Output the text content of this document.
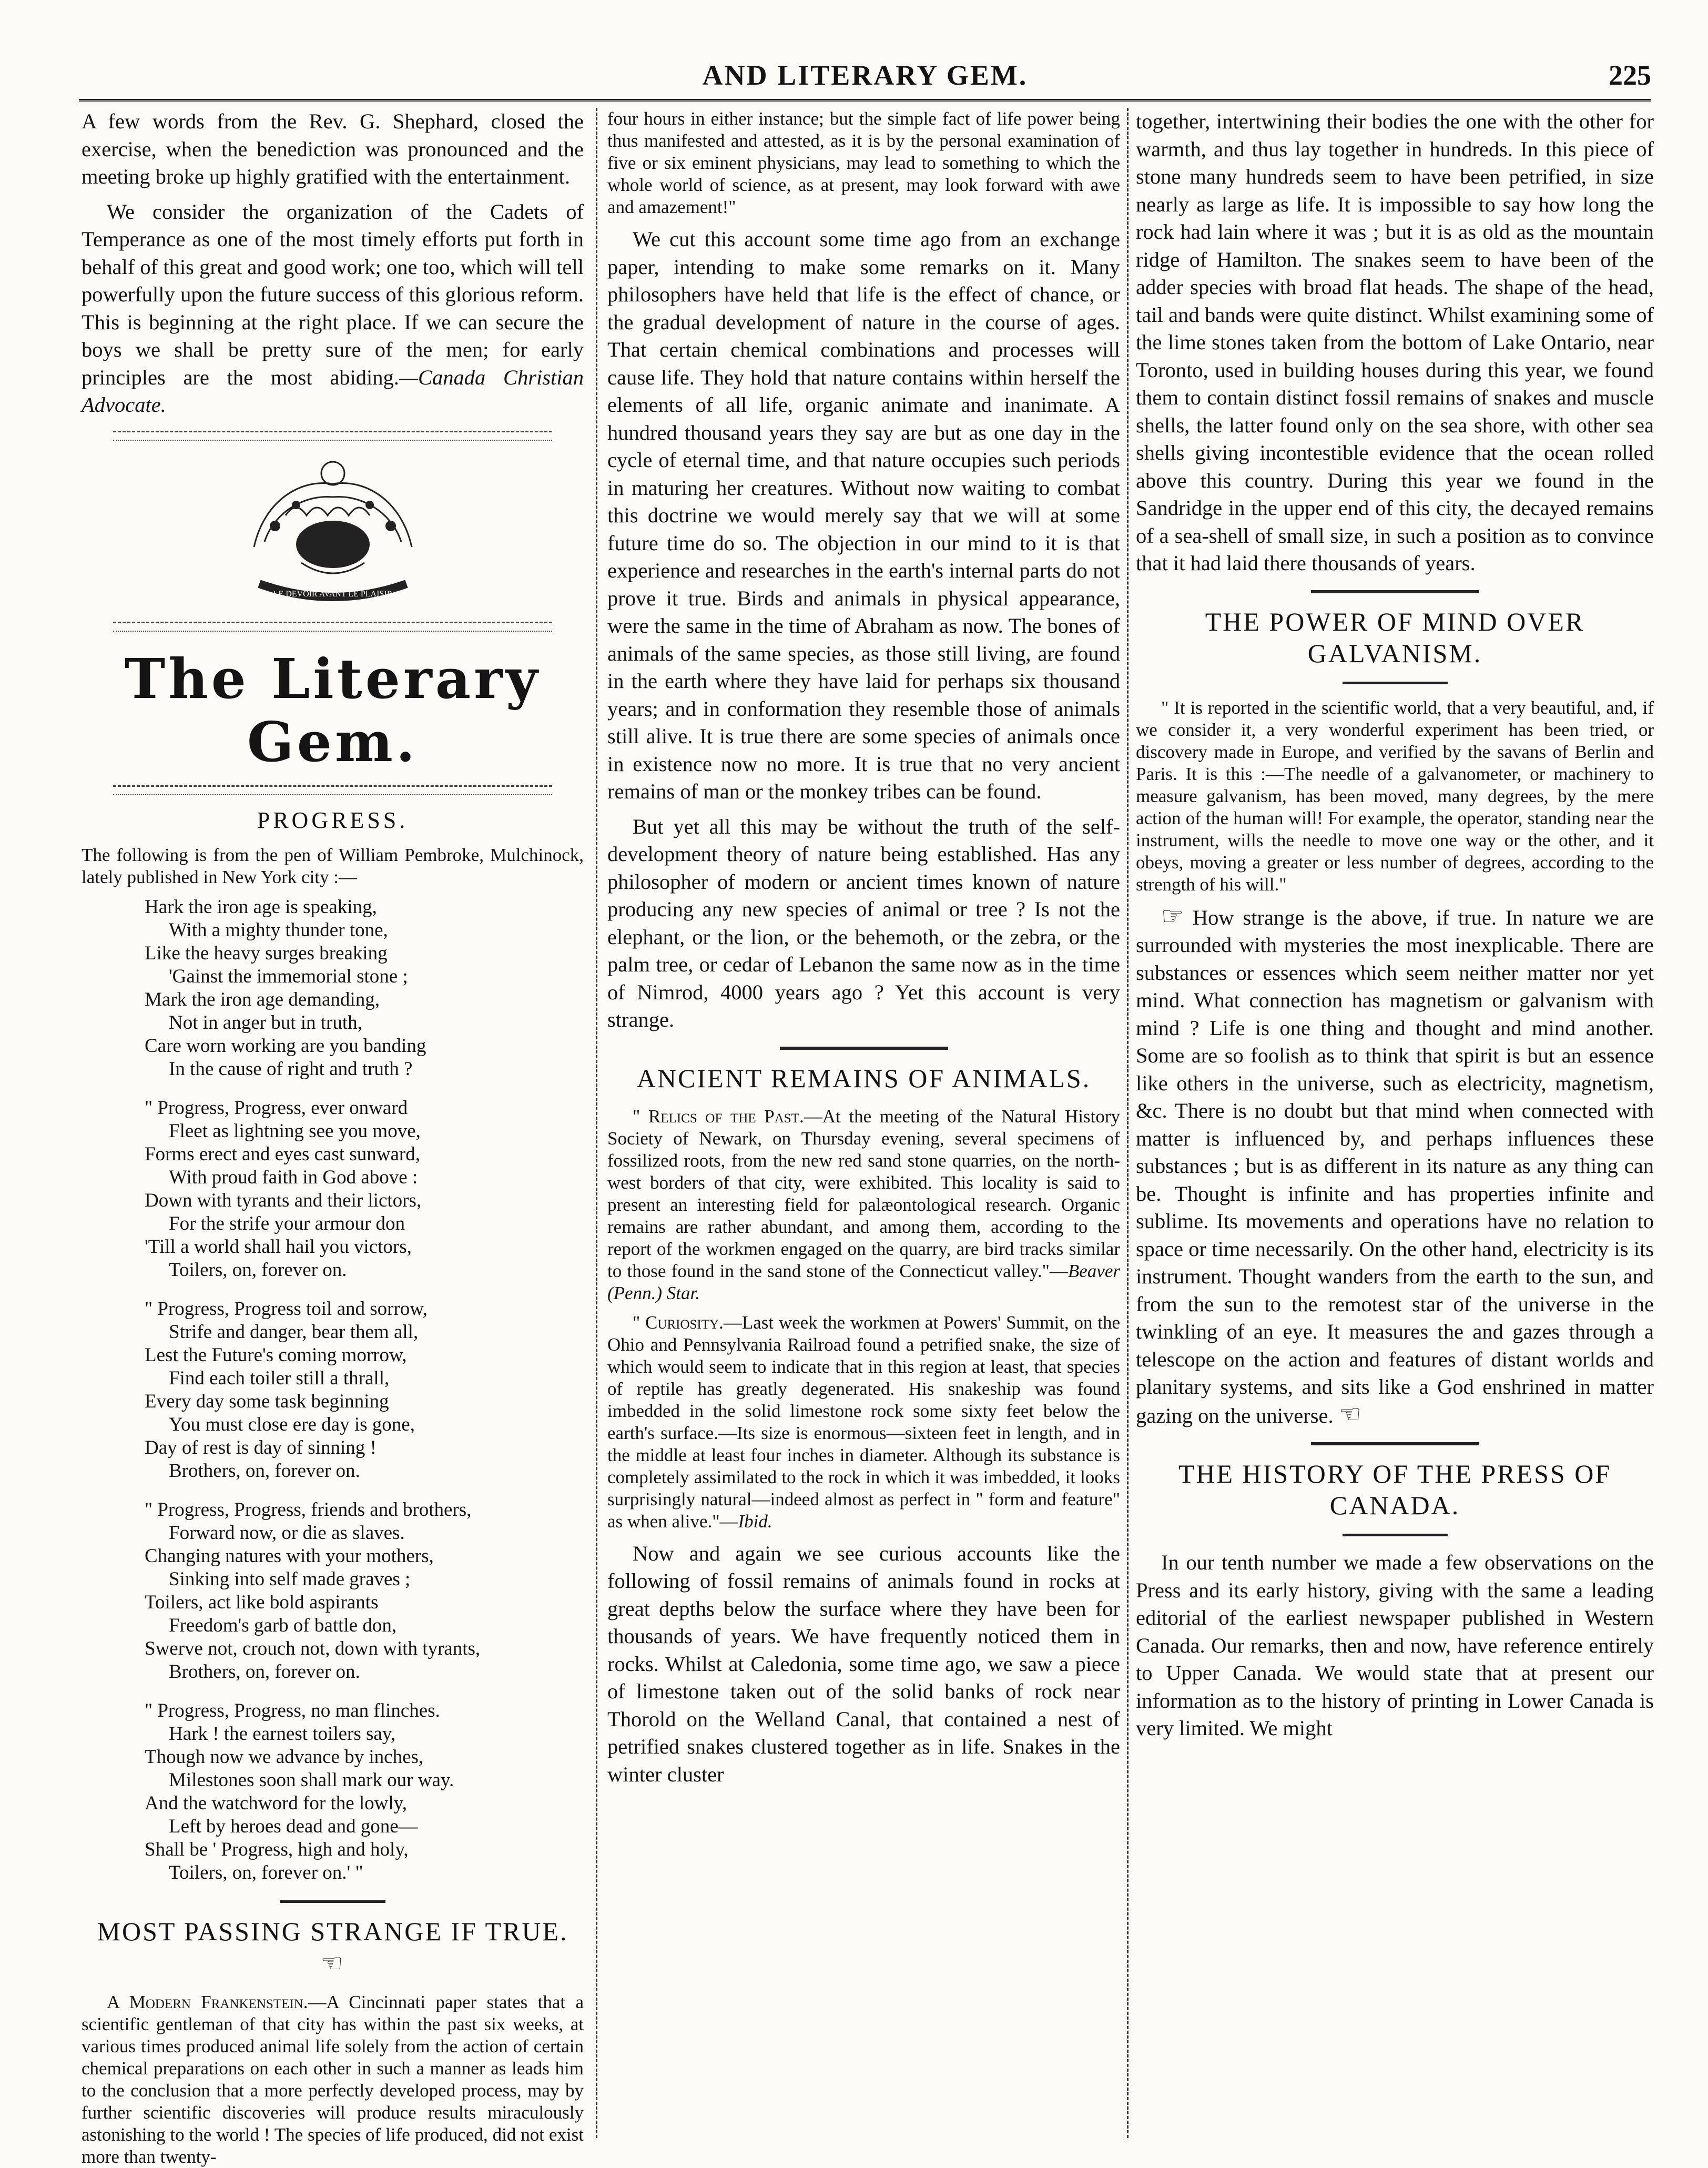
AND LITERARY GEM.	225

A few words from the Rev. G. Shephard, closed the exercise, when the benediction was pronounced and the meeting broke up highly gratified with the entertainment.

We consider the organization of the Cadets of Temperance as one of the most timely efforts put forth in behalf of this great and good work; one too, which will tell powerfully upon the future success of this glorious reform. This is beginning at the right place. If we can secure the boys we shall be pretty sure of the men; for early principles are the most abiding.—Canada Christian Advocate.

LE DEVOIR AVANT LE PLAISIR
The Literary Gem.
PROGRESS.

The following is from the pen of William Pembroke, Mulchinock, lately published in New York city :—

Hark the iron age is speaking,
With a mighty thunder tone,
Like the heavy surges breaking
'Gainst the immemorial stone ;
Mark the iron age demanding,
Not in anger but in truth,
Care worn working are you banding
In the cause of right and truth ?
" Progress, Progress, ever onward
Fleet as lightning see you move,
Forms erect and eyes cast sunward,
With proud faith in God above :
Down with tyrants and their lictors,
For the strife your armour don
'Till a world shall hail you victors,
Toilers, on, forever on.
" Progress, Progress toil and sorrow,
Strife and danger, bear them all,
Lest the Future's coming morrow,
Find each toiler still a thrall,
Every day some task beginning
You must close ere day is gone,
Day of rest is day of sinning !
Brothers, on, forever on.
" Progress, Progress, friends and brothers,
Forward now, or die as slaves.
Changing natures with your mothers,
Sinking into self made graves ;
Toilers, act like bold aspirants
Freedom's garb of battle don,
Swerve not, crouch not, down with tyrants,
Brothers, on, forever on.
" Progress, Progress, no man flinches.
Hark ! the earnest toilers say,
Though now we advance by inches,
Milestones soon shall mark our way.
And the watchword for the lowly,
Left by heroes dead and gone—
Shall be ' Progress, high and holy,
Toilers, on, forever on.' "
MOST PASSING STRANGE IF TRUE. ☜

A Modern Frankenstein.—A Cincinnati paper states that a scientific gentleman of that city has within the past six weeks, at various times produced animal life solely from the action of certain chemical preparations on each other in such a manner as leads him to the conclusion that a more perfectly developed process, may by further scientific discoveries will produce results miraculously astonishing to the world ! The species of life produced, did not exist more than twenty-

four hours in either instance; but the simple fact of life power being thus manifested and attested, as it is by the personal examination of five or six eminent physicians, may lead to something to which the whole world of science, as at present, may look forward with awe and amazement!"

We cut this account some time ago from an exchange paper, intending to make some remarks on it. Many philosophers have held that life is the effect of chance, or the gradual development of nature in the course of ages. That certain chemical combinations and processes will cause life. They hold that nature contains within herself the elements of all life, organic animate and inanimate. A hundred thousand years they say are but as one day in the cycle of eternal time, and that nature occupies such periods in maturing her creatures. Without now waiting to combat this doctrine we would merely say that we will at some future time do so. The objection in our mind to it is that experience and researches in the earth's internal parts do not prove it true. Birds and animals in physical appearance, were the same in the time of Abraham as now. The bones of animals of the same species, as those still living, are found in the earth where they have laid for perhaps six thousand years; and in conformation they resemble those of animals still alive. It is true there are some species of animals once in existence now no more. It is true that no very ancient remains of man or the monkey tribes can be found.

But yet all this may be without the truth of the self-development theory of nature being established. Has any philosopher of modern or ancient times known of nature producing any new species of animal or tree ? Is not the elephant, or the lion, or the behemoth, or the zebra, or the palm tree, or cedar of Lebanon the same now as in the time of Nimrod, 4000 years ago ? Yet this account is very strange.

ANCIENT REMAINS OF ANIMALS.

" Relics of the Past.—At the meeting of the Natural History Society of Newark, on Thursday evening, several specimens of fossilized roots, from the new red sand stone quarries, on the north-west borders of that city, were exhibited. This locality is said to present an interesting field for palæontological research. Organic remains are rather abundant, and among them, according to the report of the workmen engaged on the quarry, are bird tracks similar to those found in the sand stone of the Connecticut valley."—Beaver (Penn.) Star.

" Curiosity.—Last week the workmen at Powers' Summit, on the Ohio and Pennsylvania Railroad found a petrified snake, the size of which would seem to indicate that in this region at least, that species of reptile has greatly degenerated. His snakeship was found imbedded in the solid limestone rock some sixty feet below the earth's surface.—Its size is enormous—sixteen feet in length, and in the middle at least four inches in diameter. Although its substance is completely assimilated to the rock in which it was imbedded, it looks surprisingly natural—indeed almost as perfect in " form and feature" as when alive."—Ibid.

Now and again we see curious accounts like the following of fossil remains of animals found in rocks at great depths below the surface where they have been for thousands of years. We have frequently noticed them in rocks. Whilst at Caledonia, some time ago, we saw a piece of limestone taken out of the solid banks of rock near Thorold on the Welland Canal, that contained a nest of petrified snakes clustered together as in life. Snakes in the winter cluster

together, intertwining their bodies the one with the other for warmth, and thus lay together in hundreds. In this piece of stone many hundreds seem to have been petrified, in size nearly as large as life. It is impossible to say how long the rock had lain where it was ; but it is as old as the mountain ridge of Hamilton. The snakes seem to have been of the adder species with broad flat heads. The shape of the head, tail and bands were quite distinct. Whilst examining some of the lime stones taken from the bottom of Lake Ontario, near Toronto, used in building houses during this year, we found them to contain distinct fossil remains of snakes and muscle shells, the latter found only on the sea shore, with other sea shells giving incontestible evidence that the ocean rolled above this country. During this year we found in the Sandridge in the upper end of this city, the decayed remains of a sea-shell of small size, in such a position as to convince that it had laid there thousands of years.

THE POWER OF MIND OVER GALVANISM.

" It is reported in the scientific world, that a very beautiful, and, if we consider it, a very wonderful experiment has been tried, or discovery made in Europe, and verified by the savans of Berlin and Paris. It is this :—The needle of a galvanometer, or machinery to measure galvanism, has been moved, many degrees, by the mere action of the human will! For example, the operator, standing near the instrument, wills the needle to move one way or the other, and it obeys, moving a greater or less number of degrees, according to the strength of his will."

☞ How strange is the above, if true. In nature we are surrounded with mysteries the most inexplicable. There are substances or essences which seem neither matter nor yet mind. What connection has magnetism or galvanism with mind ? Life is one thing and thought and mind another. Some are so foolish as to think that spirit is but an essence like others in the universe, such as electricity, magnetism, &c. There is no doubt but that mind when connected with matter is influenced by, and perhaps influences these substances ; but is as different in its nature as any thing can be. Thought is infinite and has properties infinite and sublime. Its movements and operations have no relation to space or time necessarily. On the other hand, electricity is its instrument. Thought wanders from the earth to the sun, and from the sun to the remotest star of the universe in the twinkling of an eye. It measures the and gazes through a telescope on the action and features of distant worlds and planitary systems, and sits like a God enshrined in matter gazing on the universe. ☜

THE HISTORY OF THE PRESS OF CANADA.

In our tenth number we made a few observations on the Press and its early history, giving with the same a leading editorial of the earliest newspaper published in Western Canada. Our remarks, then and now, have reference entirely to Upper Canada. We would state that at present our information as to the history of printing in Lower Canada is very limited. We might
